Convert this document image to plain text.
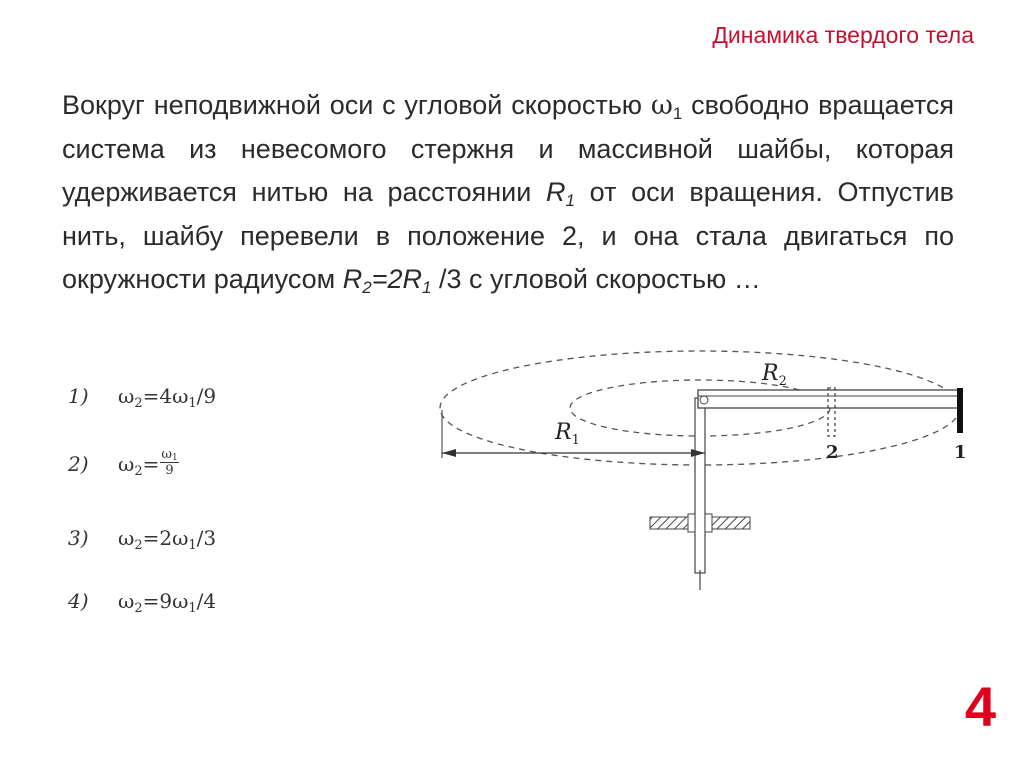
Динамика твердого тела
Вокруг неподвижной оси с угловой скоростью $\omega_1$ свободно вращается система из невесомого стержня и массивной шайбы, которая удерживается нитью на расстоянии $R_1$ от оси вращения. Отпустив нить, шайбу перевели в положение 2, и она стала двигаться по окружности радиусом $R_2=2R_1$ /3 с угловой скоростью …
1) $\omega_2=4\omega_1/9$
2) $\omega_2= \frac{\omega_1}{9}$
3) $\omega_2=2\omega_1/3$
4) $\omega_2=9\omega_1/4$
$R_1$
$R_2$
2	1
4
